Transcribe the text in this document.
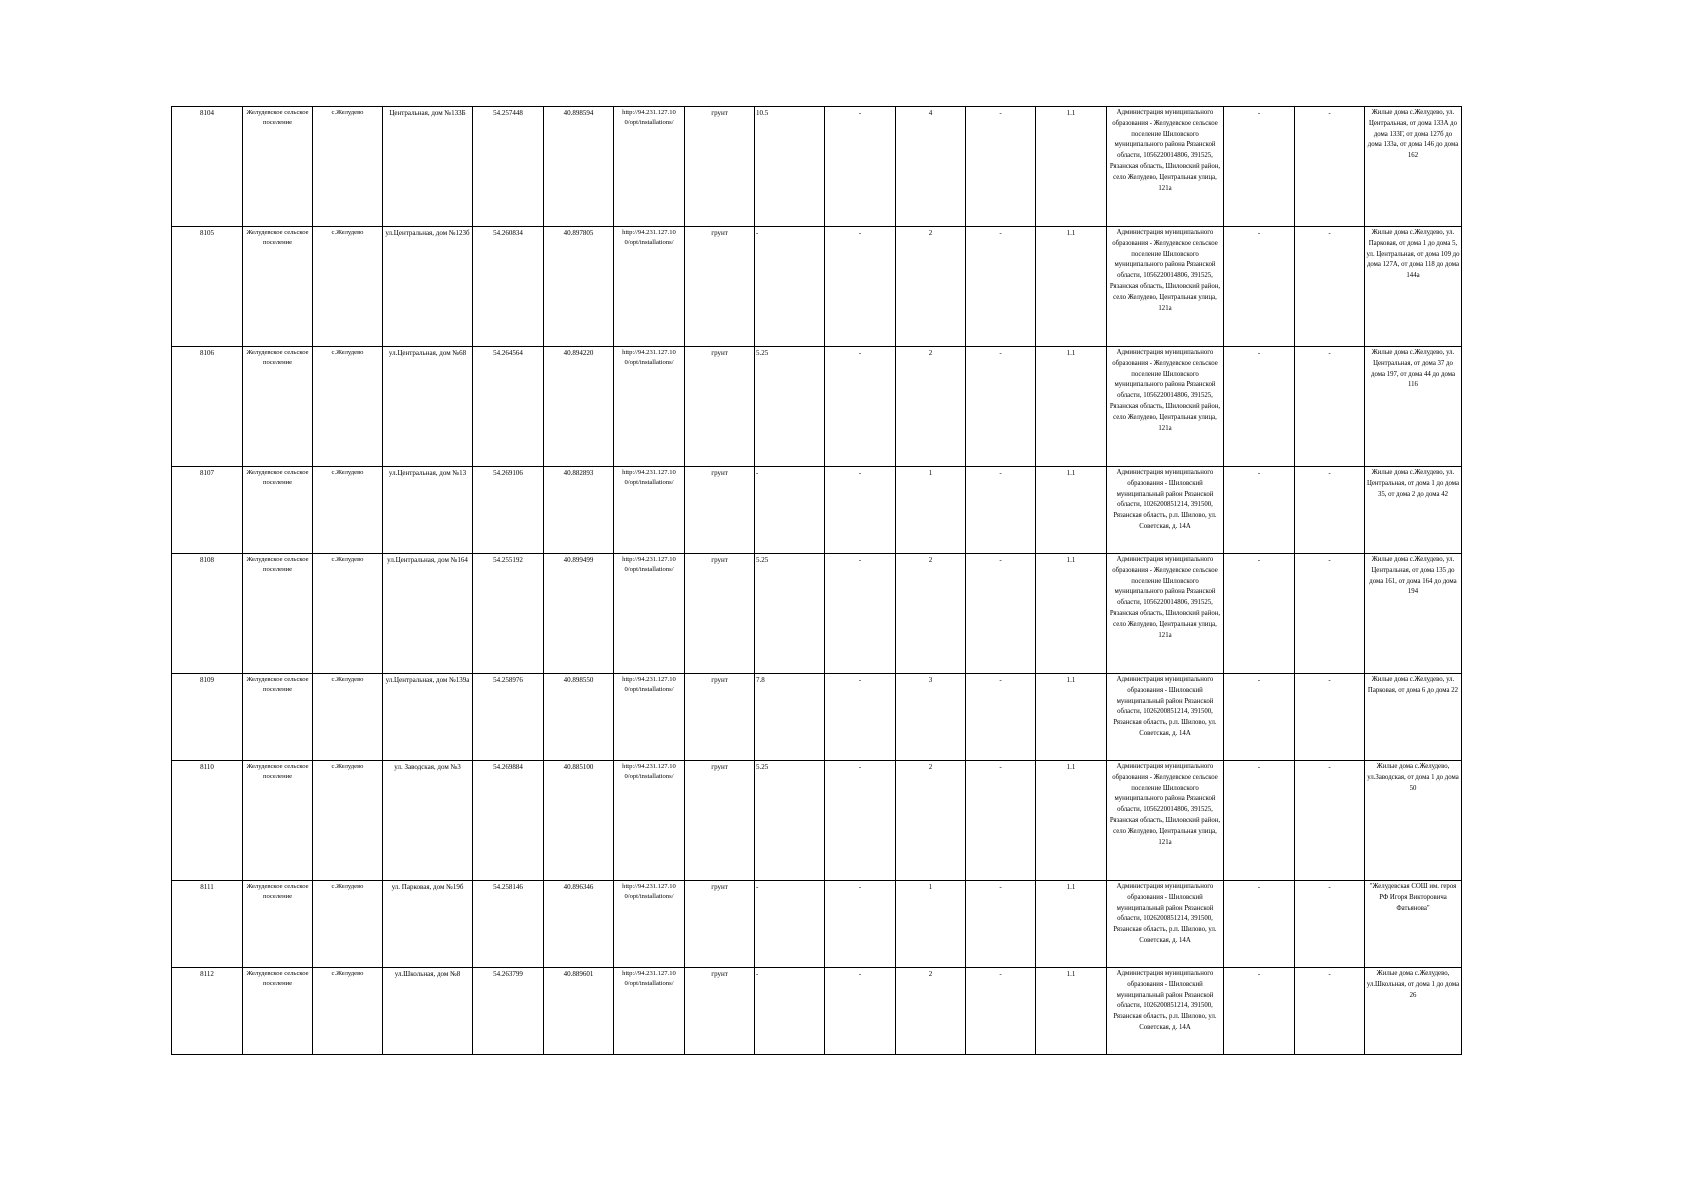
8104	Желудевское сельское поселение	с.Желудево	Центральная, дом №133Б	54.257448	40.898594	http://94.231.127.10 0/opt/installations/	грунт	10.5	-	4	-	1.1	Администрация муниципального образования - Желудевское сельское поселение Шиловского муниципального района Рязанской области, 1056220014806, 391525, Рязанская область, Шиловский район, село Желудево, Центральная улица, 121а	-	-	Жилые дома с.Желудево, ул. Центральная, от дома 133А до дома 133Г, от дома 127б до дома 133а, от дома 146 до дома 162
8105	Желудевское сельское поселение	с.Желудево	ул.Центральная, дом №123б	54.260834	40.897805	http://94.231.127.10 0/opt/installations/	грунт	-	-	2	-	1.1	Администрация муниципального образования - Желудевское сельское поселение Шиловского муниципального района Рязанской области, 1056220014806, 391525, Рязанская область, Шиловский район, село Желудево, Центральная улица, 121а	-	-	Жилые дома с.Желудево, ул. Парковая, от дома 1 до дома 5, ул. Центральная, от дома 109 до дома 127А, от дома 118 до дома 144а
8106	Желудевское сельское поселение	с.Желудево	ул.Центральная, дом №68	54.264564	40.894220	http://94.231.127.10 0/opt/installations/	грунт	5.25	-	2	-	1.1	Администрация муниципального образования - Желудевское сельское поселение Шиловского муниципального района Рязанской области, 1056220014806, 391525, Рязанская область, Шиловский район, село Желудево, Центральная улица, 121а	-	-	Жилые дома с.Желудево, ул. Центральная, от дома 37 до дома 197, от дома 44 до дома 116
8107	Желудевское сельское поселение	с.Желудево	ул.Центральная, дом №13	54.269106	40.882893	http://94.231.127.10 0/opt/installations/	грунт	-	-	1	-	1.1	Администрация муниципального образования - Шиловский муниципальный район Рязанской области, 1026200851214, 391500, Рязанская область, р.п. Шилово, ул. Советская, д. 14А	-	-	Жилые дома с.Желудево, ул. Центральная, от дома 1 до дома 35, от дома 2 до дома 42
8108	Желудевское сельское поселение	с.Желудево	ул.Центральная, дом №164	54.255192	40.899499	http://94.231.127.10 0/opt/installations/	грунт	5.25	-	2	-	1.1	Администрация муниципального образования - Желудевское сельское поселение Шиловского муниципального района Рязанской области, 1056220014806, 391525, Рязанская область, Шиловский район, село Желудево, Центральная улица, 121а	-	-	Жилые дома с.Желудево, ул. Центральная, от дома 135 до дома 161, от дома 164 до дома 194
8109	Желудевское сельское поселение	с.Желудево	ул.Центральная, дом №139а	54.258976	40.898550	http://94.231.127.10 0/opt/installations/	грунт	7.8	-	3	-	1.1	Администрация муниципального образования - Шиловский муниципальный район Рязанской области, 1026200851214, 391500, Рязанская область, р.п. Шилово, ул. Советская, д. 14А	-	-	Жилые дома с.Желудево, ул. Парковая, от дома 6 до дома 22
8110	Желудевское сельское поселение	с.Желудево	ул. Заводская, дом №3	54.269884	40.885100	http://94.231.127.10 0/opt/installations/	грунт	5.25	-	2	-	1.1	Администрация муниципального образования - Желудевское сельское поселение Шиловского муниципального района Рязанской области, 1056220014806, 391525, Рязанская область, Шиловский район, село Желудево, Центральная улица, 121а	-	-	Жилые дома с.Желудево, ул.Заводская, от дома 1 до дома 50
8111	Желудевское сельское поселение	с.Желудево	ул. Парковая, дом №19б	54.258146	40.896346	http://94.231.127.10 0/opt/installations/	грунт	-	-	1	-	1.1	Администрация муниципального образования - Шиловский муниципальный район Рязанской области, 1026200851214, 391500, Рязанская область, р.п. Шилово, ул. Советская, д. 14А	-	-	"Желудевская СОШ им. героя РФ Игоря Викторовича Фатьянова"
8112	Желудевское сельское поселение	с.Желудево	ул.Школьная, дом №8	54.263799	40.889601	http://94.231.127.10 0/opt/installations/	грунт	-	-	2	-	1.1	Администрация муниципального образования - Шиловский муниципальный район Рязанской области, 1026200851214, 391500, Рязанская область, р.п. Шилово, ул. Советская, д. 14А	-	-	Жилые дома с.Желудево, ул.Школьная, от дома 1 до дома 26
